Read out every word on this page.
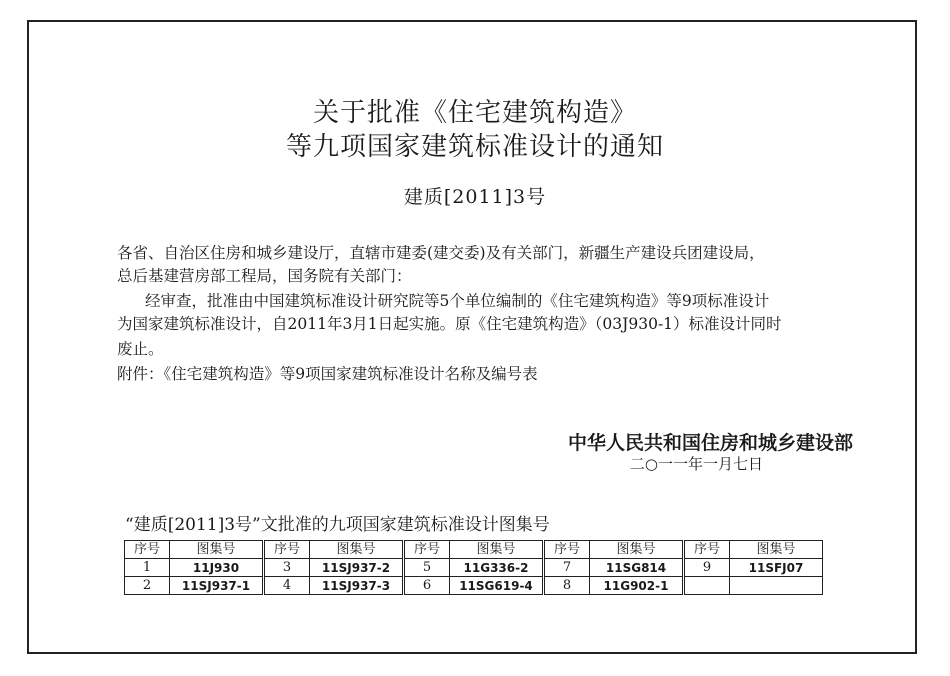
关于批准《住宅建筑构造》
等九项国家建筑标准设计的通知
建质[2011]3号
各省、自治区住房和城乡建设厅，直辖市建委(建交委)及有关部门，新疆生产建设兵团建设局，
总后基建营房部工程局，国务院有关部门：
经审查，批准由中国建筑标准设计研究院等5个单位编制的《住宅建筑构造》等9项标准设计
为国家建筑标准设计，自2011年3月1日起实施。原《住宅建筑构造》（03J930-1）标准设计同时
废止。
附件：《住宅建筑构造》等9项国家建筑标准设计名称及编号表
中华人民共和国住房和城乡建设部
二○一一年一月七日
“建质[2011]3号”文批准的九项国家建筑标准设计图集号
序号	图集号	序号	图集号	序号	图集号	序号	图集号	序号	图集号
1	11J930	3	11SJ937-2	5	11G336-2	7	11SG814	9	11SFJ07
2	11SJ937-1	4	11SJ937-3	6	11SG619-4	8	11G902-1		
